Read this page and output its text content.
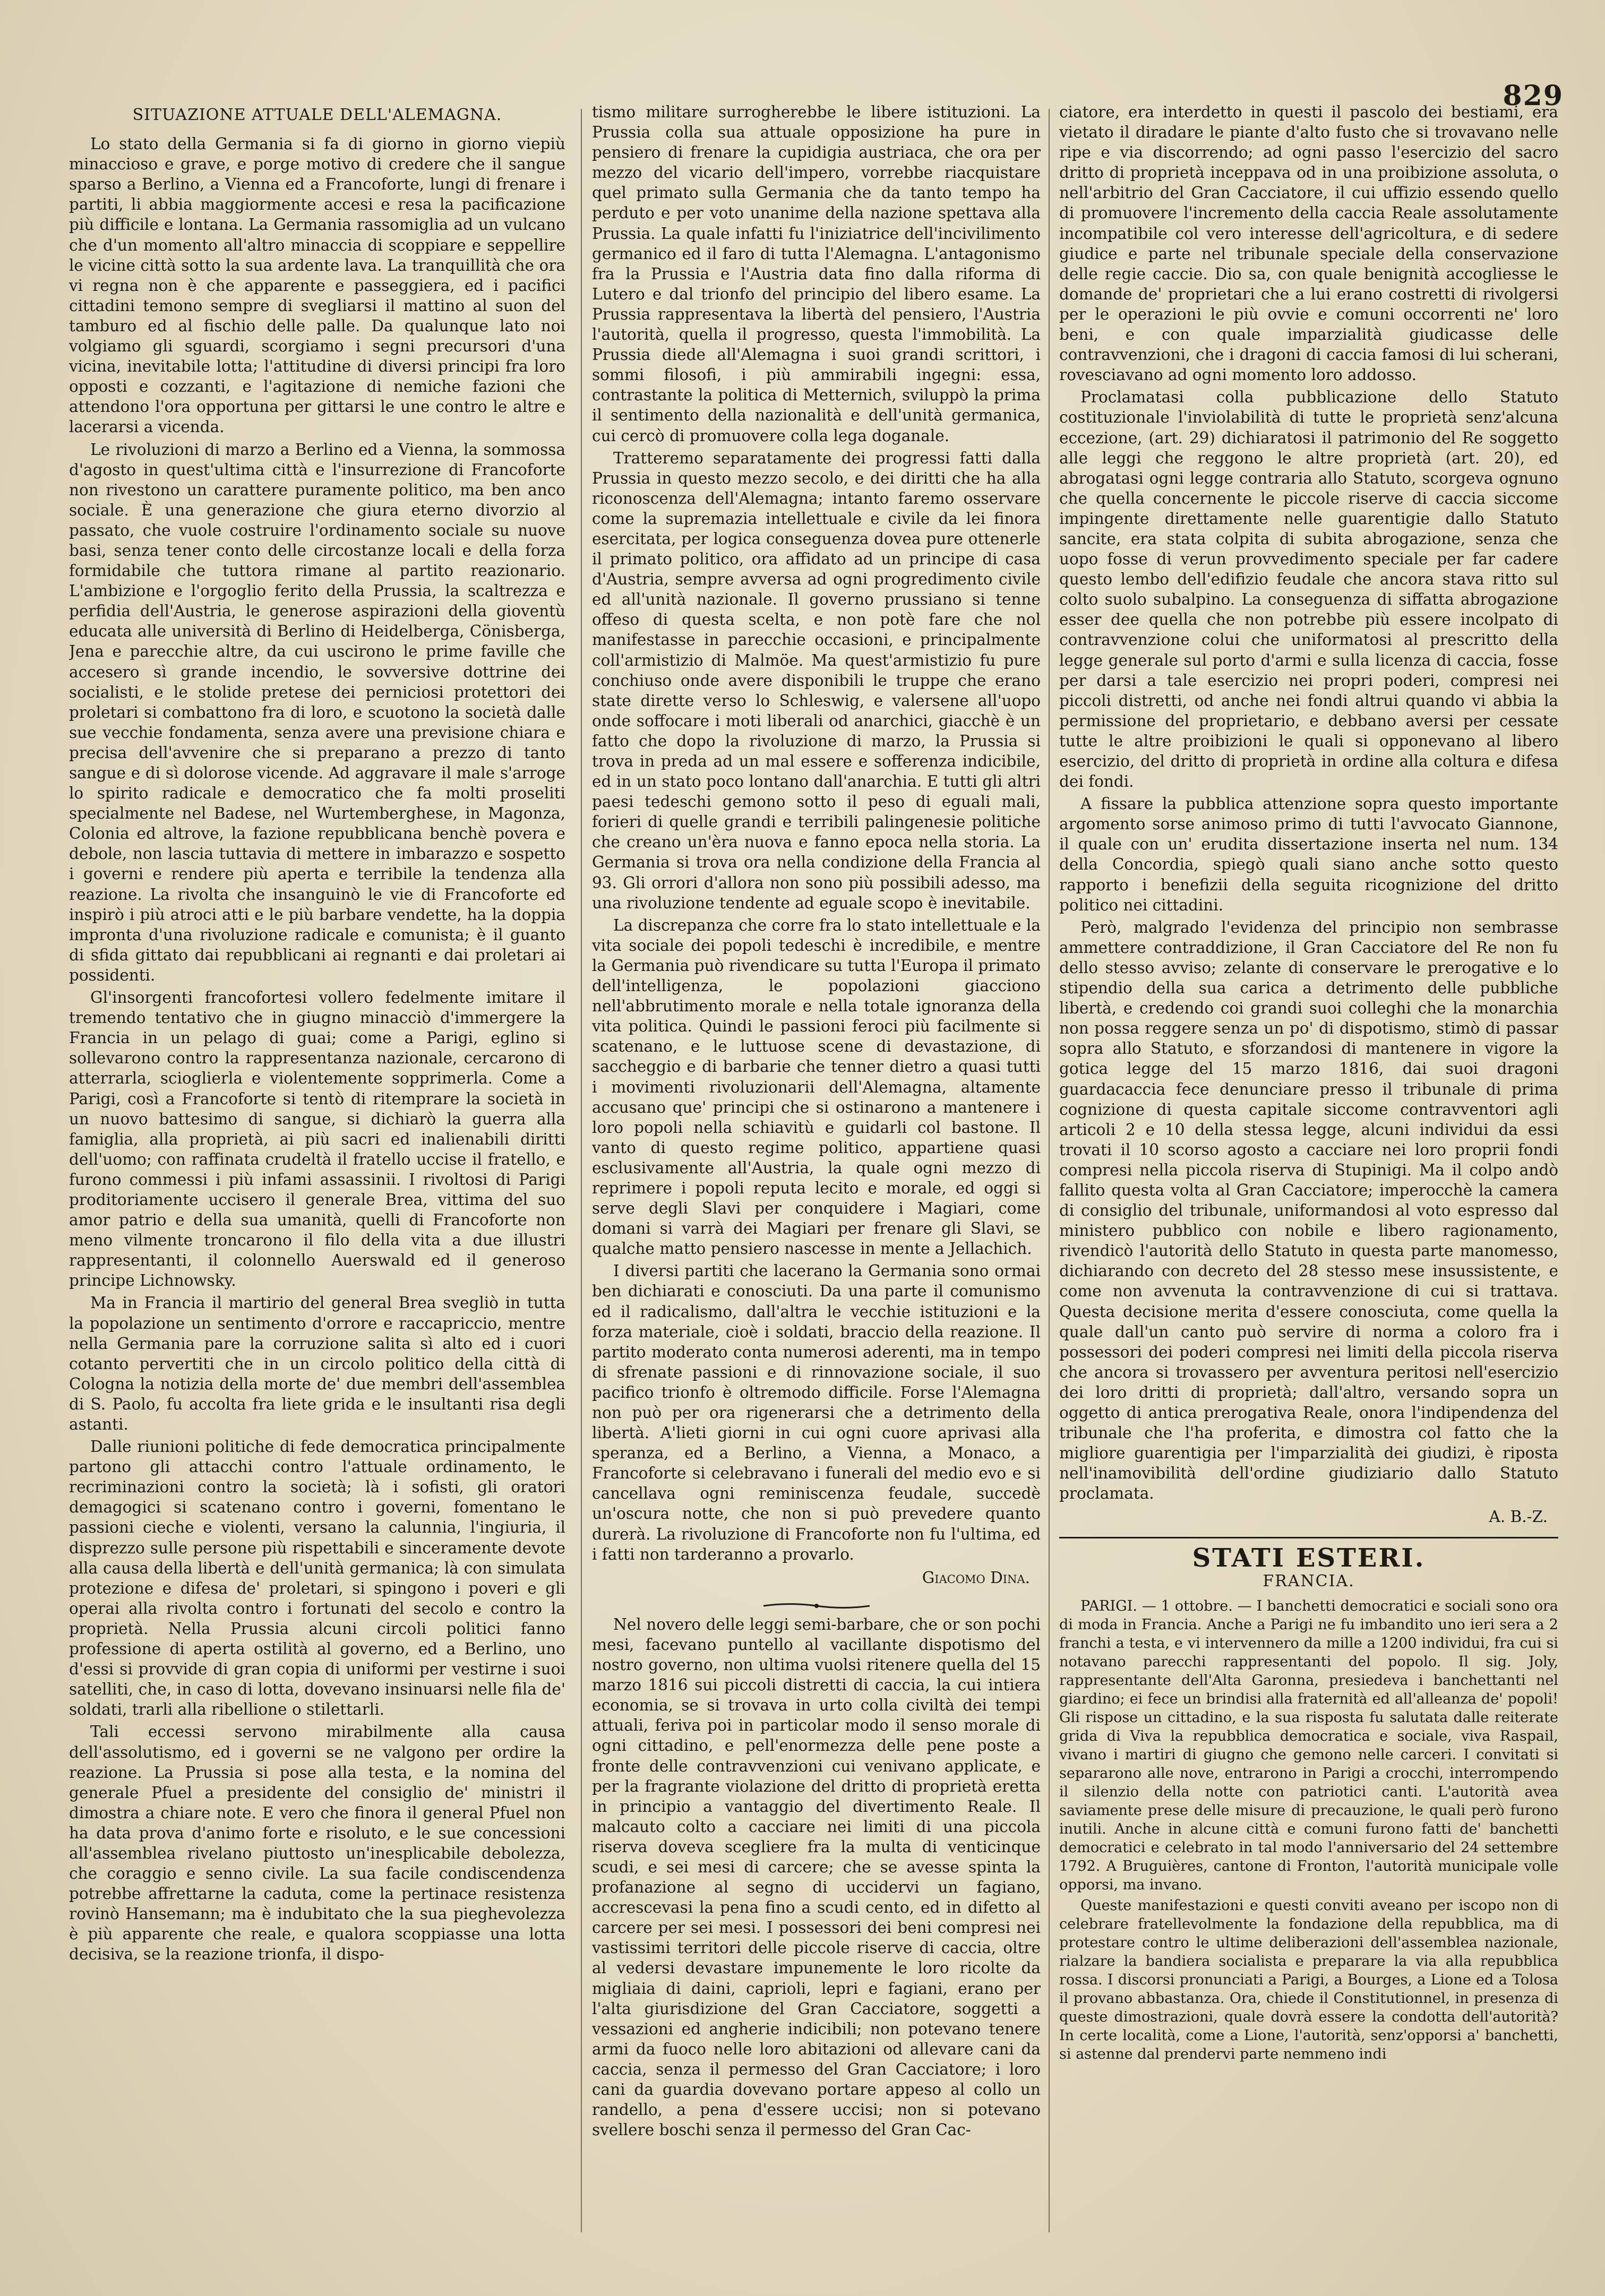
829
SITUAZIONE ATTUALE DELL'ALEMAGNA.

Lo stato della Germania si fa di giorno in giorno viepiù minaccioso e grave, e porge motivo di credere che il sangue sparso a Berlino, a Vienna ed a Francoforte, lungi di frenare i partiti, li abbia maggiormente accesi e resa la pacificazione più difficile e lontana. La Germania rassomiglia ad un vulcano che d'un momento all'altro minaccia di scoppiare e seppellire le vicine città sotto la sua ardente lava. La tranquillità che ora vi regna non è che apparente e passeggiera, ed i pacifici cittadini temono sempre di svegliarsi il mattino al suon del tamburo ed al fischio delle palle. Da qualunque lato noi volgiamo gli sguardi, scorgiamo i segni precursori d'una vicina, inevitabile lotta; l'attitudine di diversi principi fra loro opposti e cozzanti, e l'agitazione di nemiche fazioni che attendono l'ora opportuna per gittarsi le une contro le altre e lacerarsi a vicenda.

Le rivoluzioni di marzo a Berlino ed a Vienna, la sommossa d'agosto in quest'ultima città e l'insurrezione di Francoforte non rivestono un carattere puramente politico, ma ben anco sociale. È una generazione che giura eterno divorzio al passato, che vuole costruire l'ordinamento sociale su nuove basi, senza tener conto delle circostanze locali e della forza formidabile che tuttora rimane al partito reazionario. L'ambizione e l'orgoglio ferito della Prussia, la scaltrezza e perfidia dell'Austria, le generose aspirazioni della gioventù educata alle università di Berlino di Heidelberga, Cönisberga, Jena e parecchie altre, da cui uscirono le prime faville che accesero sì grande incendio, le sovversive dottrine dei socialisti, e le stolide pretese dei perniciosi protettori dei proletari si combattono fra di loro, e scuotono la società dalle sue vecchie fondamenta, senza avere una previsione chiara e precisa dell'avvenire che si preparano a prezzo di tanto sangue e di sì dolorose vicende. Ad aggravare il male s'arroge lo spirito radicale e democratico che fa molti proseliti specialmente nel Badese, nel Wurtemberghese, in Magonza, Colonia ed altrove, la fazione repubblicana benchè povera e debole, non lascia tuttavia di mettere in imbarazzo e sospetto i governi e rendere più aperta e terribile la tendenza alla reazione. La rivolta che insanguinò le vie di Francoforte ed inspirò i più atroci atti e le più barbare vendette, ha la doppia impronta d'una rivoluzione radicale e comunista; è il guanto di sfida gittato dai repubblicani ai regnanti e dai proletari ai possidenti.

Gl'insorgenti francofortesi vollero fedelmente imitare il tremendo tentativo che in giugno minacciò d'immergere la Francia in un pelago di guai; come a Parigi, eglino si sollevarono contro la rappresentanza nazionale, cercarono di atterrarla, scioglierla e violentemente sopprimerla. Come a Parigi, così a Francoforte si tentò di ritemprare la società in un nuovo battesimo di sangue, si dichiarò la guerra alla famiglia, alla proprietà, ai più sacri ed inalienabili diritti dell'uomo; con raffinata crudeltà il fratello uccise il fratello, e furono commessi i più infami assassinii. I rivoltosi di Parigi proditoriamente uccisero il generale Brea, vittima del suo amor patrio e della sua umanità, quelli di Francoforte non meno vilmente troncarono il filo della vita a due illustri rappresentanti, il colonnello Auerswald ed il generoso principe Lichnowsky.

Ma in Francia il martirio del general Brea svegliò in tutta la popolazione un sentimento d'orrore e raccapriccio, mentre nella Germania pare la corruzione salita sì alto ed i cuori cotanto pervertiti che in un circolo politico della città di Cologna la notizia della morte de' due membri dell'assemblea di S. Paolo, fu accolta fra liete grida e le insultanti risa degli astanti.

Dalle riunioni politiche di fede democratica principalmente partono gli attacchi contro l'attuale ordinamento, le recriminazioni contro la società; là i sofisti, gli oratori demagogici si scatenano contro i governi, fomentano le passioni cieche e violenti, versano la calunnia, l'ingiuria, il disprezzo sulle persone più rispettabili e sinceramente devote alla causa della libertà e dell'unità germanica; là con simulata protezione e difesa de' proletari, si spingono i poveri e gli operai alla rivolta contro i fortunati del secolo e contro la proprietà. Nella Prussia alcuni circoli politici fanno professione di aperta ostilità al governo, ed a Berlino, uno d'essi si provvide di gran copia di uniformi per vestirne i suoi satelliti, che, in caso di lotta, dovevano insinuarsi nelle fila de' soldati, trarli alla ribellione o stilettarli.

Tali eccessi servono mirabilmente alla causa dell'assolutismo, ed i governi se ne valgono per ordire la reazione. La Prussia si pose alla testa, e la nomina del generale Pfuel a presidente del consiglio de' ministri il dimostra a chiare note. E vero che finora il general Pfuel non ha data prova d'animo forte e risoluto, e le sue concessioni all'assemblea rivelano piuttosto un'inesplicabile debolezza, che coraggio e senno civile. La sua facile condiscendenza potrebbe affrettarne la caduta, come la pertinace resistenza rovinò Hansemann; ma è indubitato che la sua pieghevolezza è più apparente che reale, e qualora scoppiasse una lotta decisiva, se la reazione trionfa, il dispo-

tismo militare surrogherebbe le libere istituzioni. La Prussia colla sua attuale opposizione ha pure in pensiero di frenare la cupidigia austriaca, che ora per mezzo del vicario dell'impero, vorrebbe riacquistare quel primato sulla Germania che da tanto tempo ha perduto e per voto unanime della nazione spettava alla Prussia. La quale infatti fu l'iniziatrice dell'incivilimento germanico ed il faro di tutta l'Alemagna. L'antagonismo fra la Prussia e l'Austria data fino dalla riforma di Lutero e dal trionfo del principio del libero esame. La Prussia rappresentava la libertà del pensiero, l'Austria l'autorità, quella il progresso, questa l'immobilità. La Prussia diede all'Alemagna i suoi grandi scrittori, i sommi filosofi, i più ammirabili ingegni: essa, contrastante la politica di Metternich, sviluppò la prima il sentimento della nazionalità e dell'unità germanica, cui cercò di promuovere colla lega doganale.

Tratteremo separatamente dei progressi fatti dalla Prussia in questo mezzo secolo, e dei diritti che ha alla riconoscenza dell'Alemagna; intanto faremo osservare come la supremazia intellettuale e civile da lei finora esercitata, per logica conseguenza dovea pure ottenerle il primato politico, ora affidato ad un principe di casa d'Austria, sempre avversa ad ogni progredimento civile ed all'unità nazionale. Il governo prussiano si tenne offeso di questa scelta, e non potè fare che nol manifestasse in parecchie occasioni, e principalmente coll'armistizio di Malmöe. Ma quest'armistizio fu pure conchiuso onde avere disponibili le truppe che erano state dirette verso lo Schleswig, e valersene all'uopo onde soffocare i moti liberali od anarchici, giacchè è un fatto che dopo la rivoluzione di marzo, la Prussia si trova in preda ad un mal essere e sofferenza indicibile, ed in un stato poco lontano dall'anarchia. E tutti gli altri paesi tedeschi gemono sotto il peso di eguali mali, forieri di quelle grandi e terribili palingenesie politiche che creano un'èra nuova e fanno epoca nella storia. La Germania si trova ora nella condizione della Francia al 93. Gli orrori d'allora non sono più possibili adesso, ma una rivoluzione tendente ad eguale scopo è inevitabile.

La discrepanza che corre fra lo stato intellettuale e la vita sociale dei popoli tedeschi è incredibile, e mentre la Germania può rivendicare su tutta l'Europa il primato dell'intelligenza, le popolazioni giacciono nell'abbrutimento morale e nella totale ignoranza della vita politica. Quindi le passioni feroci più facilmente si scatenano, e le luttuose scene di devastazione, di saccheggio e di barbarie che tenner dietro a quasi tutti i movimenti rivoluzionarii dell'Alemagna, altamente accusano que' principi che si ostinarono a mantenere i loro popoli nella schiavitù e guidarli col bastone. Il vanto di questo regime politico, appartiene quasi esclusivamente all'Austria, la quale ogni mezzo di reprimere i popoli reputa lecito e morale, ed oggi si serve degli Slavi per conquidere i Magiari, come domani si varrà dei Magiari per frenare gli Slavi, se qualche matto pensiero nascesse in mente a Jellachich.

I diversi partiti che lacerano la Germania sono ormai ben dichiarati e conosciuti. Da una parte il comunismo ed il radicalismo, dall'altra le vecchie istituzioni e la forza materiale, cioè i soldati, braccio della reazione. Il partito moderato conta numerosi aderenti, ma in tempo di sfrenate passioni e di rinnovazione sociale, il suo pacifico trionfo è oltremodo difficile. Forse l'Alemagna non può per ora rigenerarsi che a detrimento della libertà. A'lieti giorni in cui ogni cuore aprivasi alla speranza, ed a Berlino, a Vienna, a Monaco, a Francoforte si celebravano i funerali del medio evo e si cancellava ogni reminiscenza feudale, succedè un'oscura notte, che non si può prevedere quanto durerà. La rivoluzione di Francoforte non fu l'ultima, ed i fatti non tarderanno a provarlo.

Giacomo Dina.

Nel novero delle leggi semi-barbare, che or son pochi mesi, facevano puntello al vacillante dispotismo del nostro governo, non ultima vuolsi ritenere quella del 15 marzo 1816 sui piccoli distretti di caccia, la cui intiera economia, se si trovava in urto colla civiltà dei tempi attuali, feriva poi in particolar modo il senso morale di ogni cittadino, e pell'enormezza delle pene poste a fronte delle contravvenzioni cui venivano applicate, e per la fragrante violazione del dritto di proprietà eretta in principio a vantaggio del divertimento Reale. Il malcauto colto a cacciare nei limiti di una piccola riserva doveva scegliere fra la multa di venticinque scudi, e sei mesi di carcere; che se avesse spinta la profanazione al segno di uccidervi un fagiano, accrescevasi la pena fino a scudi cento, ed in difetto al carcere per sei mesi. I possessori dei beni compresi nei vastissimi territori delle piccole riserve di caccia, oltre al vedersi devastare impunemente le loro ricolte da migliaia di daini, caprioli, lepri e fagiani, erano per l'alta giurisdizione del Gran Cacciatore, soggetti a vessazioni ed angherie indicibili; non potevano tenere armi da fuoco nelle loro abitazioni od allevare cani da caccia, senza il permesso del Gran Cacciatore; i loro cani da guardia dovevano portare appeso al collo un randello, a pena d'essere uccisi; non si potevano svellere boschi senza il permesso del Gran Cac-

ciatore, era interdetto in questi il pascolo dei bestiami, era vietato il diradare le piante d'alto fusto che si trovavano nelle ripe e via discorrendo; ad ogni passo l'esercizio del sacro dritto di proprietà inceppava od in una proibizione assoluta, o nell'arbitrio del Gran Cacciatore, il cui uffizio essendo quello di promuovere l'incremento della caccia Reale assolutamente incompatibile col vero interesse dell'agricoltura, e di sedere giudice e parte nel tribunale speciale della conservazione delle regie caccie. Dio sa, con quale benignità accogliesse le domande de' proprietari che a lui erano costretti di rivolgersi per le operazioni le più ovvie e comuni occorrenti ne' loro beni, e con quale imparzialità giudicasse delle contravvenzioni, che i dragoni di caccia famosi di lui scherani, rovesciavano ad ogni momento loro addosso.

Proclamatasi colla pubblicazione dello Statuto costituzionale l'inviolabilità di tutte le proprietà senz'alcuna eccezione, (art. 29) dichiaratosi il patrimonio del Re soggetto alle leggi che reggono le altre proprietà (art. 20), ed abrogatasi ogni legge contraria allo Statuto, scorgeva ognuno che quella concernente le piccole riserve di caccia siccome impingente direttamente nelle guarentigie dallo Statuto sancite, era stata colpita di subita abrogazione, senza che uopo fosse di verun provvedimento speciale per far cadere questo lembo dell'edifizio feudale che ancora stava ritto sul colto suolo subalpino. La conseguenza di siffatta abrogazione esser dee quella che non potrebbe più essere incolpato di contravvenzione colui che uniformatosi al prescritto della legge generale sul porto d'armi e sulla licenza di caccia, fosse per darsi a tale esercizio nei propri poderi, compresi nei piccoli distretti, od anche nei fondi altrui quando vi abbia la permissione del proprietario, e debbano aversi per cessate tutte le altre proibizioni le quali si opponevano al libero esercizio, del dritto di proprietà in ordine alla coltura e difesa dei fondi.

A fissare la pubblica attenzione sopra questo importante argomento sorse animoso primo di tutti l'avvocato Giannone, il quale con un' erudita dissertazione inserta nel num. 134 della Concordia, spiegò quali siano anche sotto questo rapporto i benefizii della seguita ricognizione del dritto politico nei cittadini.

Però, malgrado l'evidenza del principio non sembrasse ammettere contraddizione, il Gran Cacciatore del Re non fu dello stesso avviso; zelante di conservare le prerogative e lo stipendio della sua carica a detrimento delle pubbliche libertà, e credendo coi grandi suoi colleghi che la monarchia non possa reggere senza un po' di dispotismo, stimò di passar sopra allo Statuto, e sforzandosi di mantenere in vigore la gotica legge del 15 marzo 1816, dai suoi dragoni guardacaccia fece denunciare presso il tribunale di prima cognizione di questa capitale siccome contravventori agli articoli 2 e 10 della stessa legge, alcuni individui da essi trovati il 10 scorso agosto a cacciare nei loro proprii fondi compresi nella piccola riserva di Stupinigi. Ma il colpo andò fallito questa volta al Gran Cacciatore; imperocchè la camera di consiglio del tribunale, uniformandosi al voto espresso dal ministero pubblico con nobile e libero ragionamento, rivendicò l'autorità dello Statuto in questa parte manomesso, dichiarando con decreto del 28 stesso mese insussistente, e come non avvenuta la contravvenzione di cui si trattava. Questa decisione merita d'essere conosciuta, come quella la quale dall'un canto può servire di norma a coloro fra i possessori dei poderi compresi nei limiti della piccola riserva che ancora si trovassero per avventura peritosi nell'esercizio dei loro dritti di proprietà; dall'altro, versando sopra un oggetto di antica prerogativa Reale, onora l'indipendenza del tribunale che l'ha proferita, e dimostra col fatto che la migliore guarentigia per l'imparzialità dei giudizi, è riposta nell'inamovibilità dell'ordine giudiziario dallo Statuto proclamata.

A. B.-Z.

STATI ESTERI.
FRANCIA.

PARIGI. — 1 ottobre. — I banchetti democratici e sociali sono ora di moda in Francia. Anche a Parigi ne fu imbandito uno ieri sera a 2 franchi a testa, e vi intervennero da mille a 1200 individui, fra cui si notavano parecchi rappresentanti del popolo. Il sig. Joly, rappresentante dell'Alta Garonna, presiedeva i banchettanti nel giardino; ei fece un brindisi alla fraternità ed all'alleanza de' popoli! Gli rispose un cittadino, e la sua risposta fu salutata dalle reiterate grida di Viva la repubblica democratica e sociale, viva Raspail, vivano i martiri di giugno che gemono nelle carceri. I convitati si separarono alle nove, entrarono in Parigi a crocchi, interrompendo il silenzio della notte con patriotici canti. L'autorità avea saviamente prese delle misure di precauzione, le quali però furono inutili. Anche in alcune città e comuni furono fatti de' banchetti democratici e celebrato in tal modo l'anniversario del 24 settembre 1792. A Bruguières, cantone di Fronton, l'autorità municipale volle opporsi, ma invano.

Queste manifestazioni e questi conviti aveano per iscopo non di celebrare fratellevolmente la fondazione della repubblica, ma di protestare contro le ultime deliberazioni dell'assemblea nazionale, rialzare la bandiera socialista e preparare la via alla repubblica rossa. I discorsi pronunciati a Parigi, a Bourges, a Lione ed a Tolosa il provano abbastanza. Ora, chiede il Constitutionnel, in presenza di queste dimostrazioni, quale dovrà essere la condotta dell'autorità? In certe località, come a Lione, l'autorità, senz'opporsi a' banchetti, si astenne dal prendervi parte nemmeno indi
